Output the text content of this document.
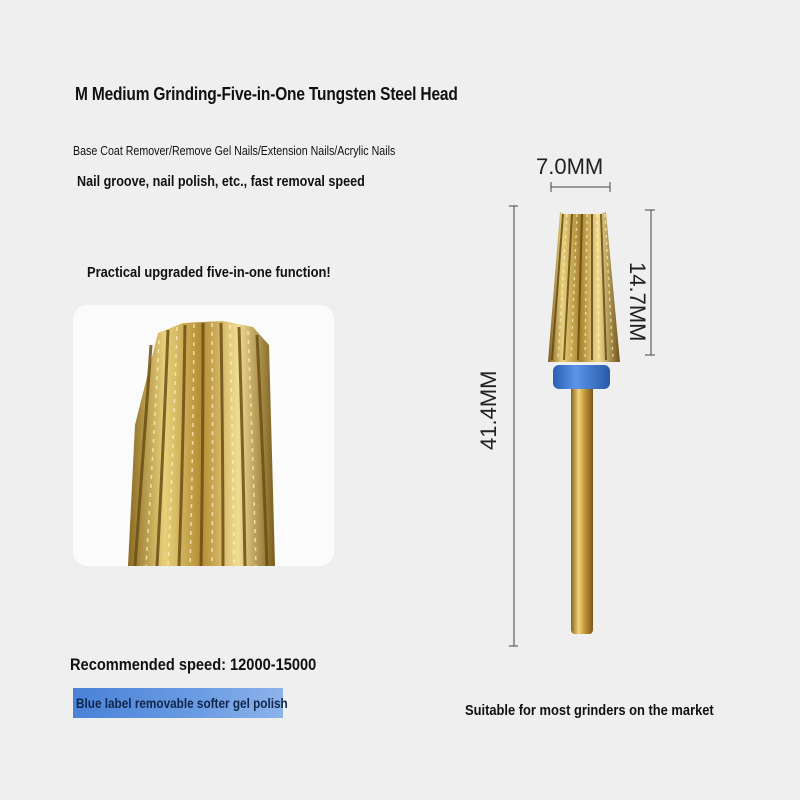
M Medium Grinding-Five-in-One Tungsten Steel Head
Base Coat Remover/Remove Gel Nails/Extension Nails/Acrylic Nails
Nail groove, nail polish, etc., fast removal speed
Practical upgraded five-in-one function!
7.0MM
14.7MM
41.4MM
Recommended speed: 12000-15000
Blue label removable softer gel polish	Suitable for most grinders on the market
